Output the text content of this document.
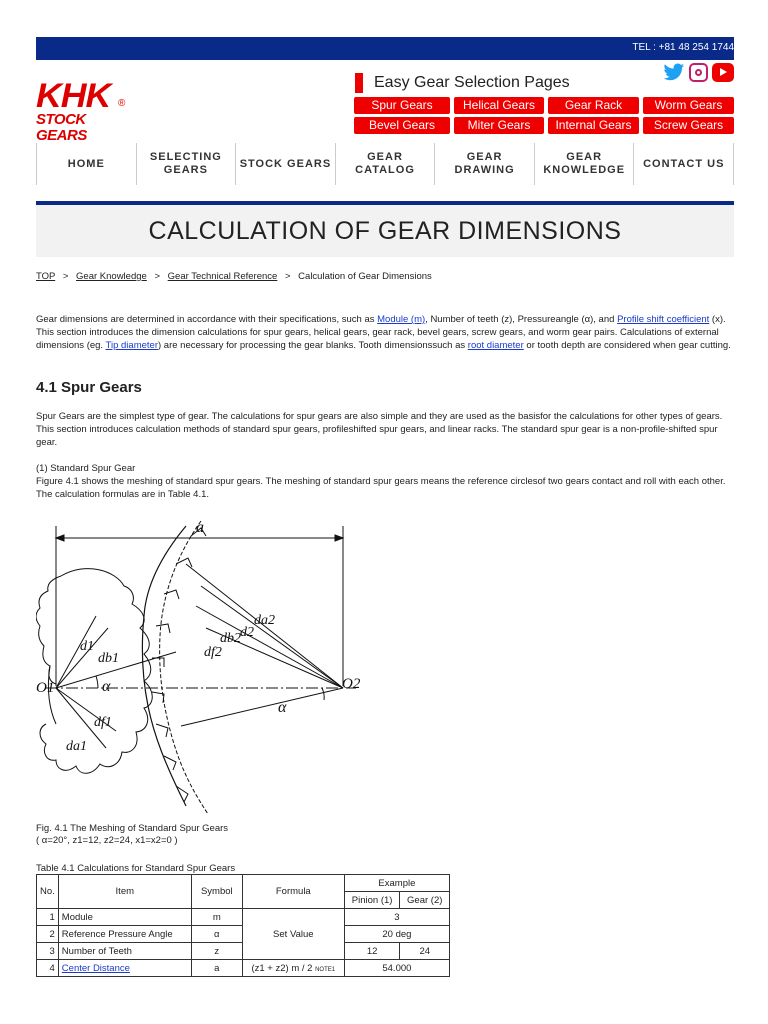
TEL : +81 48 254 1744
KHK ®
STOCK GEARS
Easy Gear Selection Pages
Spur Gears	Helical Gears	Gear Rack	Worm Gears
Bevel Gears	Miter Gears	Internal Gears	Screw Gears
HOME
SELECTING
GEARS
STOCK GEARS
GEAR
CATALOG
GEAR
DRAWING
GEAR
KNOWLEDGE
CONTACT US
CALCULATION OF GEAR DIMENSIONS
TOP > Gear Knowledge > Gear Technical Reference > Calculation of Gear Dimensions

Gear dimensions are determined in accordance with their specifications, such as Module (m), Number of teeth (z), Pressureangle (α), and Profile shift coefficient (x). This section introduces the dimension calculations for spur gears, helical gears, gear rack, bevel gears, screw gears, and worm gear pairs. Calculations of external dimensions (eg. Tip diameter) are necessary for processing the gear blanks. Tooth dimensionssuch as root diameter or tooth depth are considered when gear cutting.

4.1 Spur Gears

Spur Gears are the simplest type of gear. The calculations for spur gears are also simple and they are used as the basisfor the calculations for other types of gears. This section introduces calculation methods of standard spur gears, profileshifted spur gears, and linear racks. The standard spur gear is a non-profile-shifted spur gear.

(1) Standard Spur Gear

Figure 4.1 shows the meshing of standard spur gears. The meshing of standard spur gears means the reference circlesof two gears contact and roll with each other. The calculation formulas are in Table 4.1.

a
O1	O2
α
α
d1
db1
df1
da1
d2
db2
df2
da2
Fig. 4.1 The Meshing of Standard Spur Gears
( α=20°, z1=12, z2=24, x1=x2=0 )
Table 4.1 Calculations for Standard Spur Gears
No.	Item	Symbol	Formula	Example	
				Pinion (1)	Gear (2)
1	Module	m	Set Value	3	
2	Reference Pressure Angle	α		20 deg	
3	Number of Teeth	z		12	24
4	Center Distance	a	(z1 + z2) m / 2 NOTE1	54.000	
